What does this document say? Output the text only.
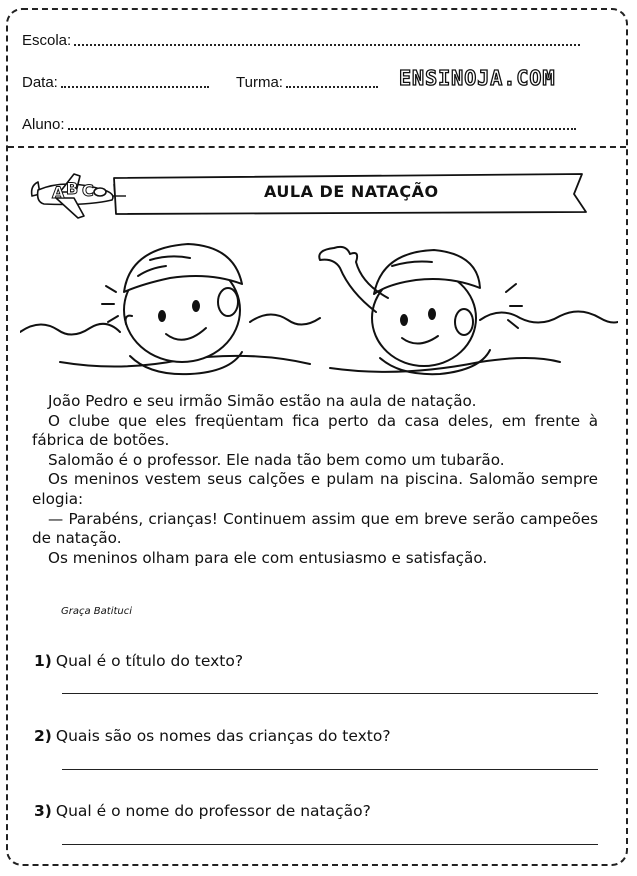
Escola:
Data:	Turma:	ENSINOJA.COM
Aluno:
A B C	AULA DE NATAÇÃO

João Pedro e seu irmão Simão estão na aula de natação.

O clube que eles freqüentam fica perto da casa deles, em frente à fábrica de botões.

Salomão é o professor. Ele nada tão bem como um tubarão.

Os meninos vestem seus calções e pulam na piscina. Salomão sempre elogia:

— Parabéns, crianças! Continuem assim que em breve serão campeões de natação.

Os meninos olham para ele com entusiasmo e satisfação.

Graça Batituci
1) Qual é o título do texto?
2) Quais são os nomes das crianças do texto?
3) Qual é o nome do professor de natação?
